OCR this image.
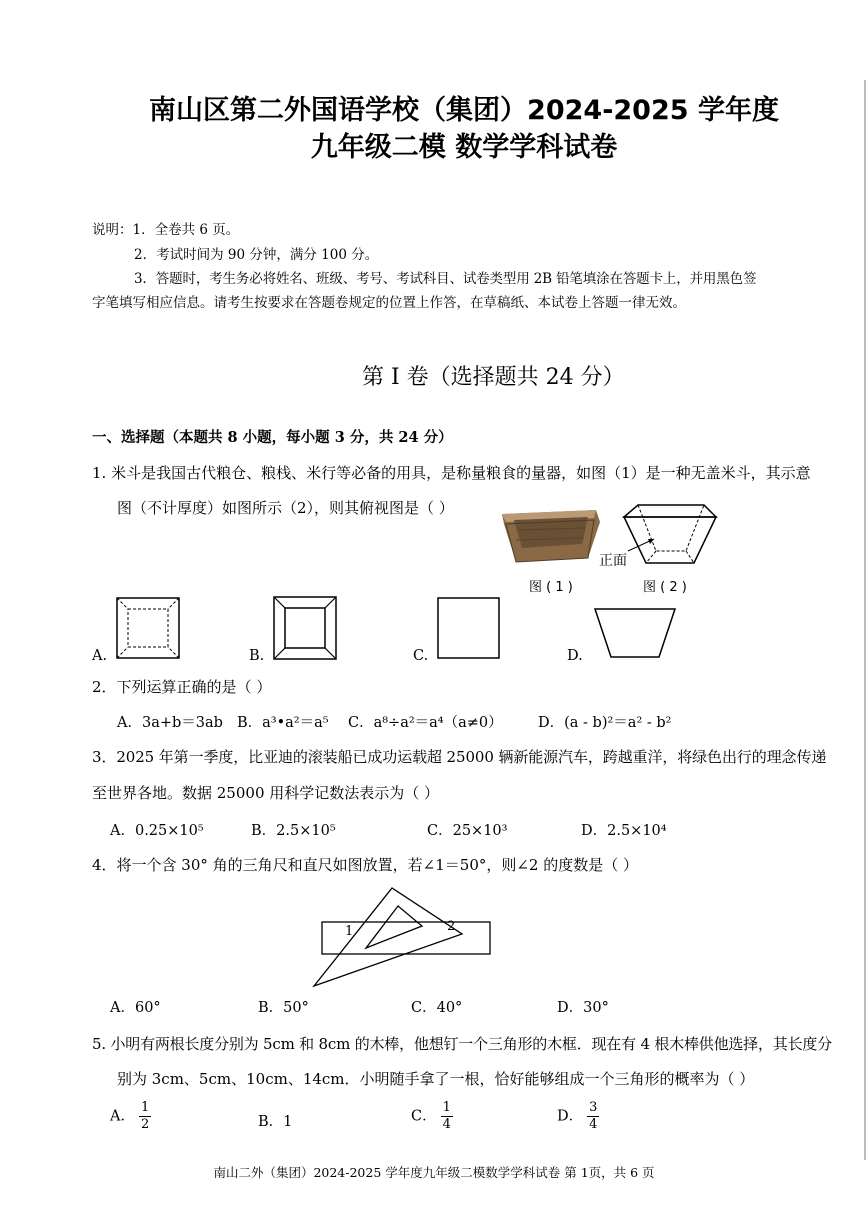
南山区第二外国语学校（集团）2024-2025 学年度
九年级二模 数学学科试卷
说明：1．全卷共 6 页。
2．考试时间为 90 分钟，满分 100 分。
3．答题时，考生务必将姓名、班级、考号、考试科目、试卷类型用 2B 铅笔填涂在答题卡上，并用黑色签
字笔填写相应信息。请考生按要求在答题卷规定的位置上作答，在草稿纸、本试卷上答题一律无效。
第 I 卷（选择题共 24 分）
一、选择题（本题共 8 小题，每小题 3 分，共 24 分）
1. 米斗是我国古代粮仓、粮栈、米行等必备的用具，是称量粮食的量器，如图（1）是一种无盖米斗，其示意
图（不计厚度）如图所示（2），则其俯视图是（ ）
图 ( 1 )
正面
图 ( 2 )
A.	B.	C.	D.
2．下列运算正确的是（ ）
A．3a+b＝3ab B．a³•a²＝a⁵ C．a⁸÷a²＝a⁴（a≠0） D．(a - b)²＝a² - b²
3．2025 年第一季度，比亚迪的滚装船已成功运载超 25000 辆新能源汽车，跨越重洋，将绿色出行的理念传递
至世界各地。数据 25000 用科学记数法表示为（ ）
A．0.25×10⁵	B．2.5×10⁵	C．25×10³	D．2.5×10⁴
4．将一个含 30° 角的三角尺和直尺如图放置，若∠1＝50°，则∠2 的度数是（ ）
1	2
A．60°	B．50°	C．40°	D．30°
5. 小明有两根长度分别为 5cm 和 8cm 的木棒，他想钉一个三角形的木框．现在有 4 根木棒供他选择，其长度分
别为 3cm、5cm、10cm、14cm．小明随手拿了一根，恰好能够组成一个三角形的概率为（ ）
A． $\frac{1}{2}$	B．1	C． $\frac{1}{4}$	D． $\frac{3}{4}$
南山二外（集团）2024-2025 学年度九年级二模数学学科试卷 第 1页，共 6 页
